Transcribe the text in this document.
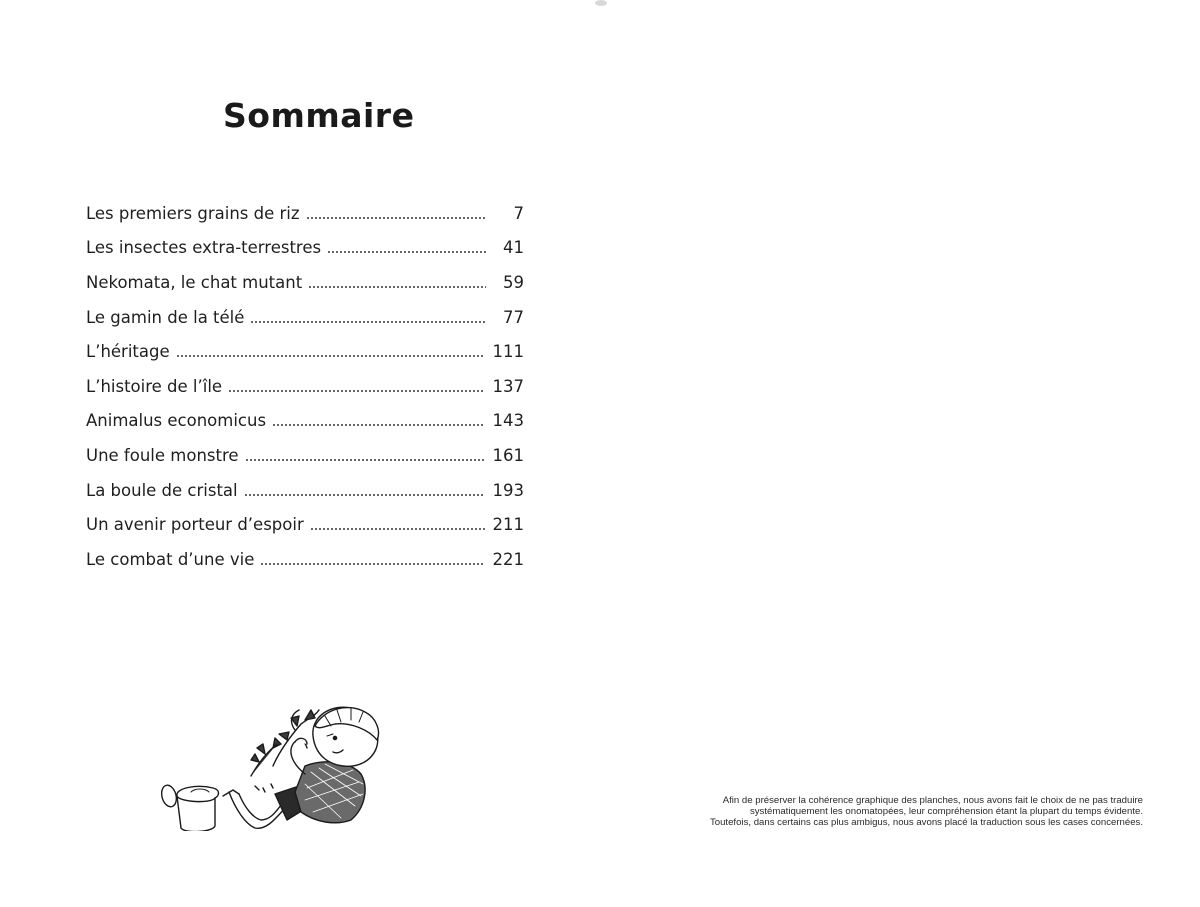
Sommaire
Les premiers grains de riz	7
Les insectes extra-terrestres	41
Nekomata, le chat mutant	59
Le gamin de la télé	77
L’héritage	111
L’histoire de l’île	137
Animalus economicus	143
Une foule monstre	161
La boule de cristal	193
Un avenir porteur d’espoir	211
Le combat d’une vie	221

Afin de préserver la cohérence graphique des planches, nous avons fait le choix de ne pas traduire

systématiquement les onomatopées, leur compréhension étant la plupart du temps évidente.

Toutefois, dans certains cas plus ambigus, nous avons placé la traduction sous les cases concernées.
